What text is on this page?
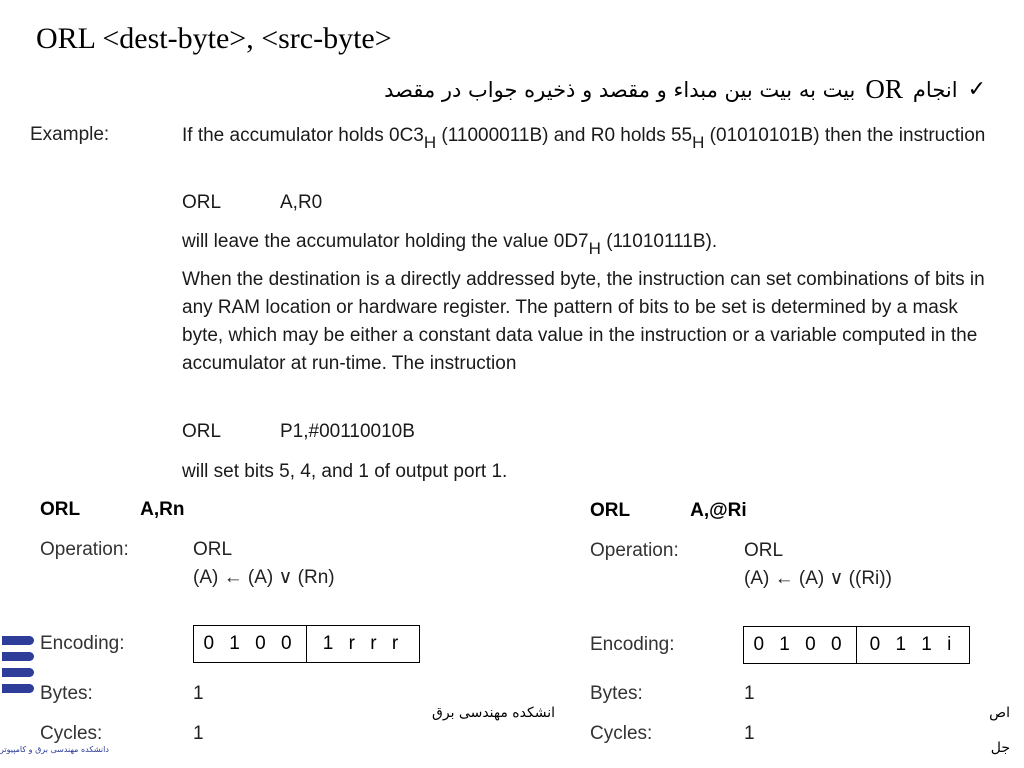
ORL <dest-byte>, <src-byte>
✓
انجام
OR
بیت به بیت بین مبداء و مقصد و ذخیره جواب در مقصد
Example:	If the accumulator holds 0C3H (11000011B) and R0 holds 55H (01010101B) then the instruction
ORL	A,R0
will leave the accumulator holding the value 0D7H (11010111B).
When the destination is a directly addressed byte, the instruction can set combinations of bits in any RAM location or hardware register. The pattern of bits to be set is determined by a mask byte, which may be either a constant data value in the instruction or a variable computed in the accumulator at run-time. The instruction
ORL	P1,#00110010B
will set bits 5, 4, and 1 of output port 1.
ORL	A,Rn
Operation:	ORL
(A) ← (A) ∨ (Rn)
Encoding:	0 1 0 0	1 r r r
Bytes:	1
Cycles:	1
ORL	A,@Ri
Operation:	ORL
(A) ← (A) ∨ ((Ri))
Encoding:	0 1 0 0	0 1 1 i
Bytes:	1
Cycles:	1
انشکده مهندسی برق	اص
جل
دانشکده مهندسی برق و کامپیوتر
